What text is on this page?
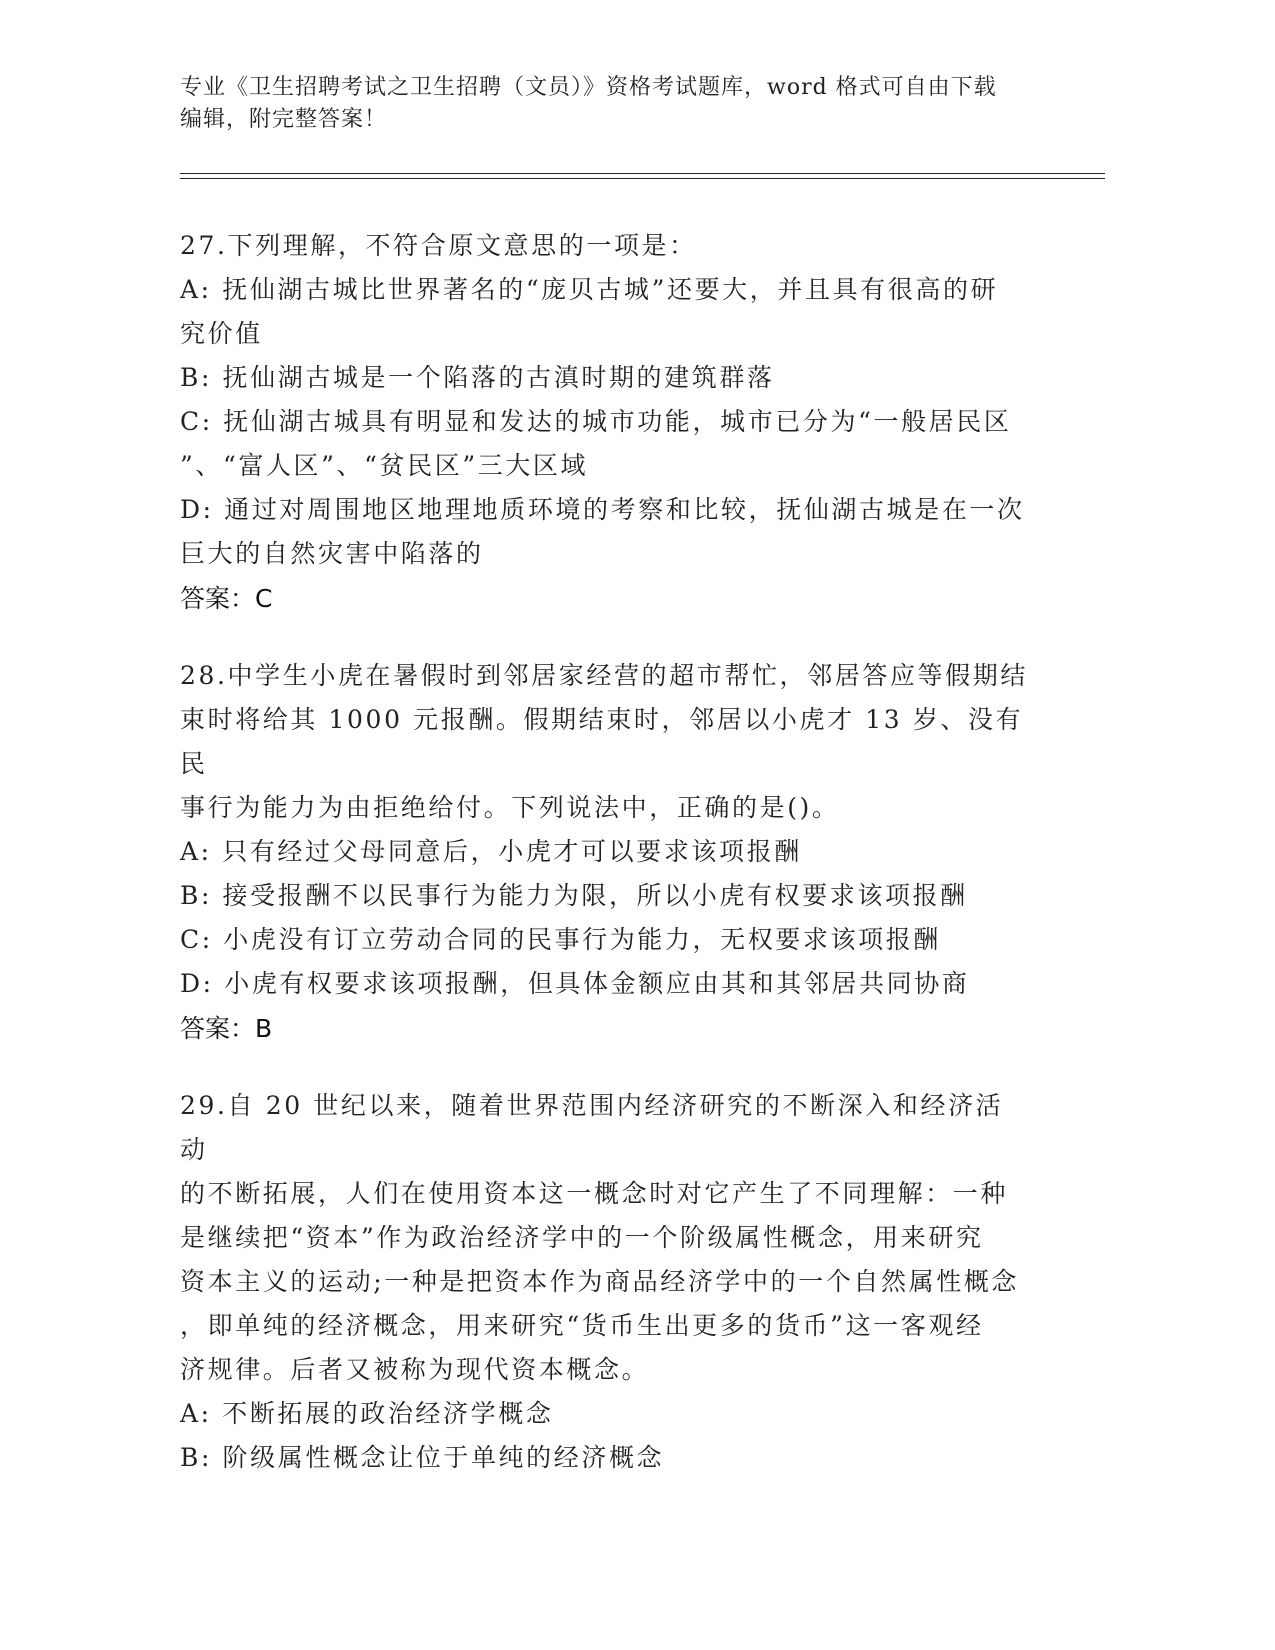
专业《卫生招聘考试之卫生招聘（文员）》资格考试题库，word 格式可自由下载
编辑，附完整答案！
27.下列理解，不符合原文意思的一项是：
A: 抚仙湖古城比世界著名的“庞贝古城”还要大，并且具有很高的研
究价值
B: 抚仙湖古城是一个陷落的古滇时期的建筑群落
C: 抚仙湖古城具有明显和发达的城市功能，城市已分为“一般居民区
”、“富人区”、“贫民区”三大区域
D: 通过对周围地区地理地质环境的考察和比较，抚仙湖古城是在一次
巨大的自然灾害中陷落的
答案：C
28.中学生小虎在暑假时到邻居家经营的超市帮忙，邻居答应等假期结
束时将给其 1000 元报酬。假期结束时，邻居以小虎才 13 岁、没有民
事行为能力为由拒绝给付。下列说法中，正确的是()。
A: 只有经过父母同意后，小虎才可以要求该项报酬
B: 接受报酬不以民事行为能力为限，所以小虎有权要求该项报酬
C: 小虎没有订立劳动合同的民事行为能力，无权要求该项报酬
D: 小虎有权要求该项报酬，但具体金额应由其和其邻居共同协商
答案：B
29.自 20 世纪以来，随着世界范围内经济研究的不断深入和经济活动
的不断拓展，人们在使用资本这一概念时对它产生了不同理解：一种
是继续把“资本”作为政治经济学中的一个阶级属性概念，用来研究
资本主义的运动;一种是把资本作为商品经济学中的一个自然属性概念
，即单纯的经济概念，用来研究“货币生出更多的货币”这一客观经
济规律。后者又被称为现代资本概念。
A: 不断拓展的政治经济学概念
B: 阶级属性概念让位于单纯的经济概念
